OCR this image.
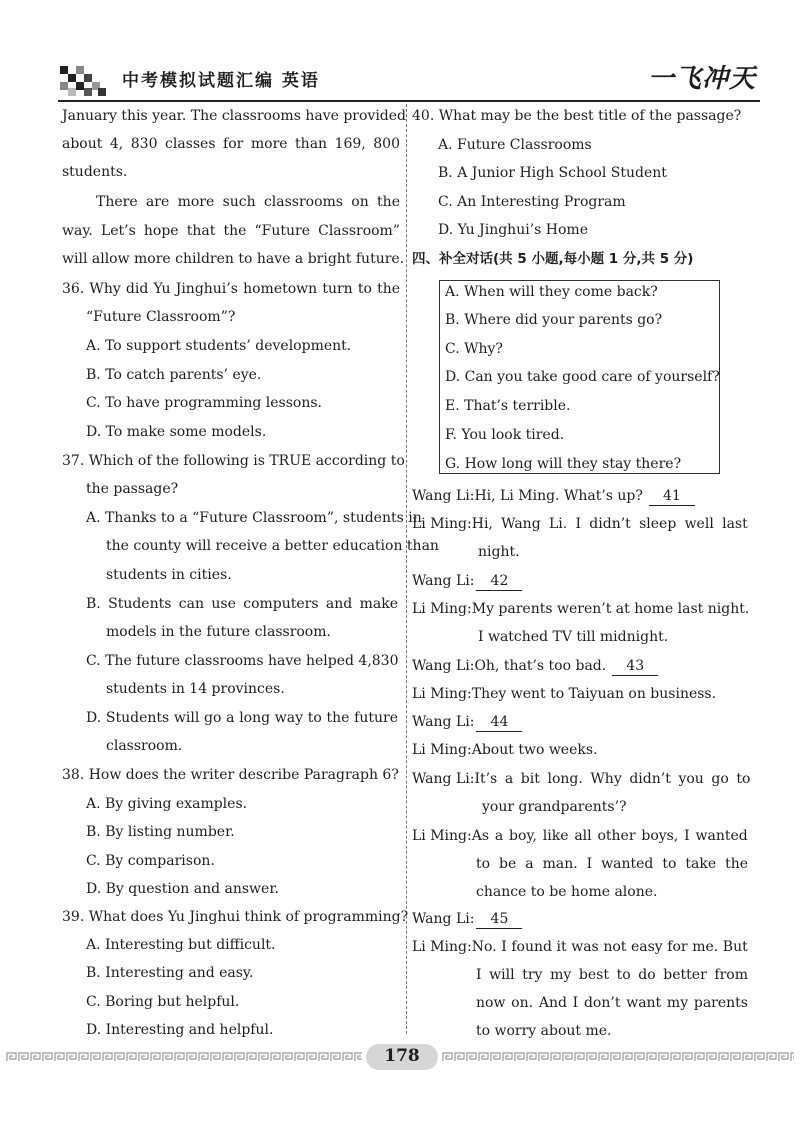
中考模拟试题汇编 英语	一飞冲天
January this year. The classrooms have provided
about 4, 830 classes for more than 169, 800
students.
There are more such classrooms on the
way. Let’s hope that the “Future Classroom”
will allow more children to have a bright future.
36. Why did Yu Jinghui’s hometown turn to the
“Future Classroom”?
A. To support students’ development.
B. To catch parents’ eye.
C. To have programming lessons.
D. To make some models.
37. Which of the following is TRUE according to
the passage?
A. Thanks to a “Future Classroom”, students in
the county will receive a better education than
students in cities.
B. Students can use computers and make
models in the future classroom.
C. The future classrooms have helped 4,830
students in 14 provinces.
D. Students will go a long way to the future
classroom.
38. How does the writer describe Paragraph 6?
A. By giving examples.
B. By listing number.
C. By comparison.
D. By question and answer.
39. What does Yu Jinghui think of programming?
A. Interesting but difficult.
B. Interesting and easy.
C. Boring but helpful.
D. Interesting and helpful.
40. What may be the best title of the passage?
A. Future Classrooms
B. A Junior High School Student
C. An Interesting Program
D. Yu Jinghui’s Home
四、补全对话(共 5 小题,每小题 1 分,共 5 分)
A. When will they come back?
B. Where did your parents go?
C. Why?
D. Can you take good care of yourself?
E. That’s terrible.
F. You look tired.
G. How long will they stay there?
Wang Li:Hi, Li Ming. What’s up? 41
Li Ming:Hi, Wang Li. I didn’t sleep well last
night.
Wang Li: 42
Li Ming:My parents weren’t at home last night.
I watched TV till midnight.
Wang Li:Oh, that’s too bad. 43
Li Ming:They went to Taiyuan on business.
Wang Li: 44
Li Ming:About two weeks.
Wang Li:It’s a bit long. Why didn’t you go to
your grandparents’?
Li Ming:As a boy, like all other boys, I wanted
to be a man. I wanted to take the
chance to be home alone.
Wang Li: 45
Li Ming:No. I found it was not easy for me. But
I will try my best to do better from
now on. And I don’t want my parents
to worry about me.
178
